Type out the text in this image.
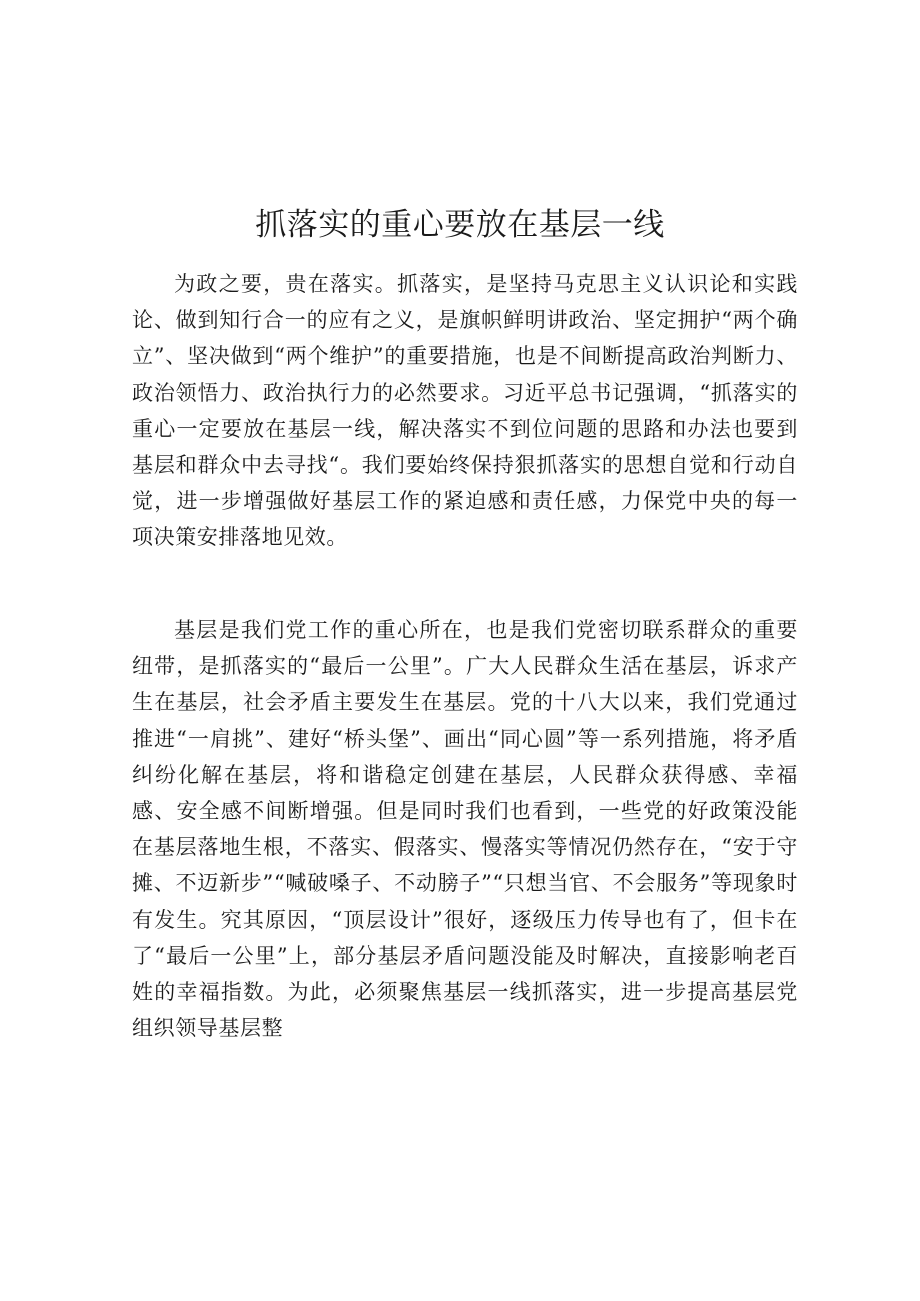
抓落实的重心要放在基层一线

为政之要，贵在落实。抓落实，是坚持马克思主义认识论和实践论、做到知行合一的应有之义，是旗帜鲜明讲政治、坚定拥护“两个确立”、坚决做到“两个维护”的重要措施，也是不间断提高政治判断力、政治领悟力、政治执行力的必然要求。习近平总书记强调，“抓落实的重心一定要放在基层一线，解决落实不到位问题的思路和办法也要到基层和群众中去寻找“。我们要始终保持狠抓落实的思想自觉和行动自觉，进一步增强做好基层工作的紧迫感和责任感，力保党中央的每一项决策安排落地见效。

基层是我们党工作的重心所在，也是我们党密切联系群众的重要纽带，是抓落实的“最后一公里”。广大人民群众生活在基层，诉求产生在基层，社会矛盾主要发生在基层。党的十八大以来，我们党通过推进“一肩挑”、建好“桥头堡”、画出“同心圆”等一系列措施，将矛盾纠纷化解在基层，将和谐稳定创建在基层，人民群众获得感、幸福感、安全感不间断增强。但是同时我们也看到，一些党的好政策没能在基层落地生根，不落实、假落实、慢落实等情况仍然存在，“安于守摊、不迈新步”“喊破嗓子、不动膀子”“只想当官、不会服务”等现象时有发生。究其原因，“顶层设计”很好，逐级压力传导也有了，但卡在了“最后一公里”上，部分基层矛盾问题没能及时解决，直接影响老百姓的幸福指数。为此，必须聚焦基层一线抓落实，进一步提高基层党组织领导基层整
